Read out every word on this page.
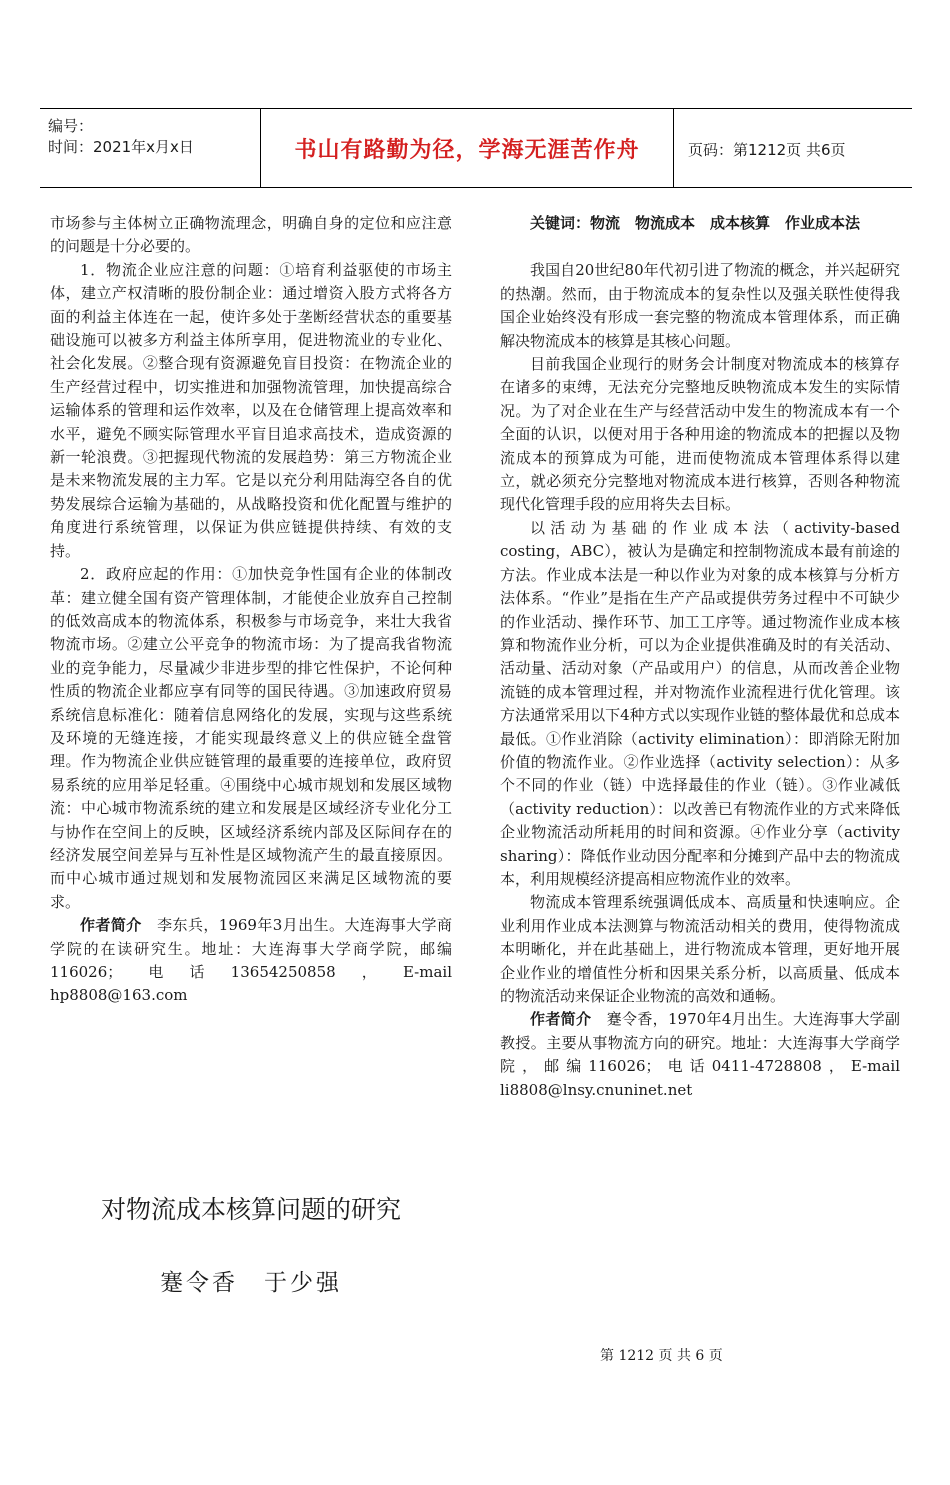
编号：
时间：2021年x月x日	书山有路勤为径，学海无涯苦作舟	页码：第1212页 共6页

市场参与主体树立正确物流理念，明确自身的定位和应注意的问题是十分必要的。

1．物流企业应注意的问题：①培育利益驱使的市场主体，建立产权清晰的股份制企业：通过增资入股方式将各方面的利益主体连在一起，使许多处于垄断经营状态的重要基础设施可以被多方利益主体所享用，促进物流业的专业化、社会化发展。②整合现有资源避免盲目投资：在物流企业的生产经营过程中，切实推进和加强物流管理，加快提高综合运输体系的管理和运作效率，以及在仓储管理上提高效率和水平，避免不顾实际管理水平盲目追求高技术，造成资源的新一轮浪费。③把握现代物流的发展趋势：第三方物流企业是未来物流发展的主力军。它是以充分利用陆海空各自的优势发展综合运输为基础的，从战略投资和优化配置与维护的角度进行系统管理，以保证为供应链提供持续、有效的支持。

2．政府应起的作用：①加快竞争性国有企业的体制改革：建立健全国有资产管理体制，才能使企业放弃自己控制的低效高成本的物流体系，积极参与市场竞争，来壮大我省物流市场。②建立公平竞争的物流市场：为了提高我省物流业的竞争能力，尽量减少非进步型的排它性保护，不论何种性质的物流企业都应享有同等的国民待遇。③加速政府贸易系统信息标准化：随着信息网络化的发展，实现与这些系统及环境的无缝连接，才能实现最终意义上的供应链全盘管理。作为物流企业供应链管理的最重要的连接单位，政府贸易系统的应用举足轻重。④围绕中心城市规划和发展区域物流：中心城市物流系统的建立和发展是区域经济专业化分工与协作在空间上的反映，区域经济系统内部及区际间存在的经济发展空间差异与互补性是区域物流产生的最直接原因。而中心城市通过规划和发展物流园区来满足区域物流的要求。

作者简介　 李东兵，1969年3月出生。大连海事大学商学院的在读研究生。地址：大连海事大学商学院，邮编 116026；电话13654250858，E-mail hp8808@163.com

对物流成本核算问题的研究
蹇令香　于少强

关键词：物流　物流成本　成本核算　作业成本法

我国自20世纪80年代初引进了物流的概念，并兴起研究的热潮。然而，由于物流成本的复杂性以及强关联性使得我国企业始终没有形成一套完整的物流成本管理体系，而正确解决物流成本的核算是其核心问题。

目前我国企业现行的财务会计制度对物流成本的核算存在诸多的束缚，无法充分完整地反映物流成本发生的实际情况。为了对企业在生产与经营活动中发生的物流成本有一个全面的认识，以便对用于各种用途的物流成本的把握以及物流成本的预算成为可能，进而使物流成本管理体系得以建立，就必须充分完整地对物流成本进行核算，否则各种物流现代化管理手段的应用将失去目标。

以活动为基础的作业成本法（activity-based costing，ABC），被认为是确定和控制物流成本最有前途的方法。作业成本法是一种以作业为对象的成本核算与分析方法体系。“作业”是指在生产产品或提供劳务过程中不可缺少的作业活动、操作环节、加工工序等。通过物流作业成本核算和物流作业分析，可以为企业提供准确及时的有关活动、活动量、活动对象（产品或用户）的信息，从而改善企业物流链的成本管理过程，并对物流作业流程进行优化管理。该方法通常采用以下4种方式以实现作业链的整体最优和总成本最低。①作业消除（activity elimination）：即消除无附加价值的物流作业。②作业选择（activity selection）：从多个不同的作业（链）中选择最佳的作业（链）。③作业减低（activity reduction）：以改善已有物流作业的方式来降低企业物流活动所耗用的时间和资源。④作业分享（activity sharing）：降低作业动因分配率和分摊到产品中去的物流成本，利用规模经济提高相应物流作业的效率。

物流成本管理系统强调低成本、高质量和快速响应。企业利用作业成本法测算与物流活动相关的费用，使得物流成本明晰化，并在此基础上，进行物流成本管理，更好地开展企业作业的增值性分析和因果关系分析，以高质量、低成本的物流活动来保证企业物流的高效和通畅。

作者简介　 蹇令香，1970年4月出生。大连海事大学副教授。主要从事物流方向的研究。地址：大连海事大学商学院，邮编116026；电话0411-4728808，E-mail li8808@lnsy.cnuninet.net

第 1212 页 共 6 页
